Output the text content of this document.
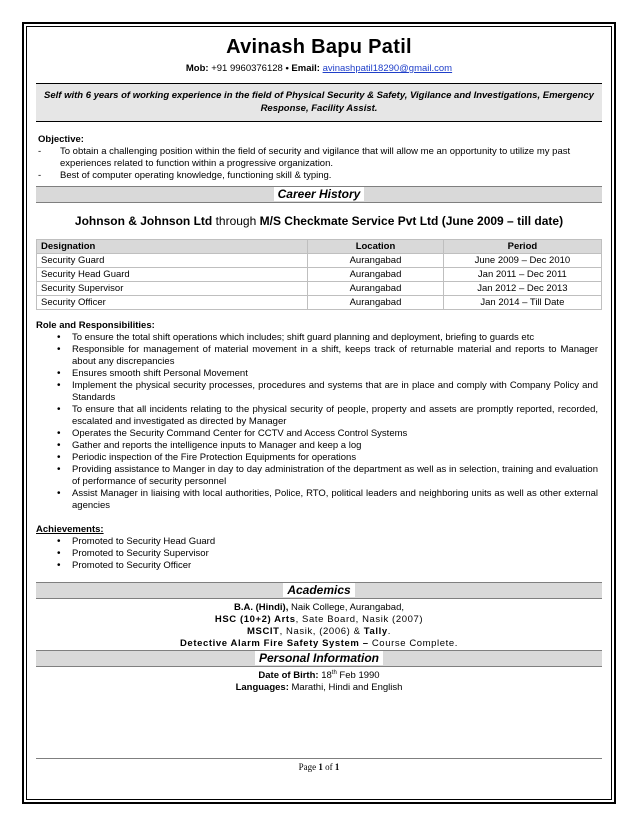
Avinash Bapu Patil
Mob: +91 9960376128 • Email: avinashpatil18290@gmail.com
Self with 6 years of working experience in the field of Physical Security & Safety, Vigilance and Investigations, Emergency Response, Facility Assist.
Objective:
-	To obtain a challenging position within the field of security and vigilance that will allow me an opportunity to utilize my past experiences related to function within a progressive organization.
-	Best of computer operating knowledge, functioning skill & typing.
Career History
Johnson & Johnson Ltd through M/S Checkmate Service Pvt Ltd (June 2009 – till date)
Designation	Location	Period
Security Guard	Aurangabad	June 2009 – Dec 2010
Security Head Guard	Aurangabad	Jan 2011 – Dec 2011
Security Supervisor	Aurangabad	Jan 2012 – Dec 2013
Security Officer	Aurangabad	Jan 2014 – Till Date
Role and Responsibilities:
•	To ensure the total shift operations which includes; shift guard planning and deployment, briefing to guards etc
•	Responsible for management of material movement in a shift, keeps track of returnable material and reports to Manager about any discrepancies
•	Ensures smooth shift Personal Movement
•	Implement the physical security processes, procedures and systems that are in place and comply with Company Policy and Standards
•	To ensure that all incidents relating to the physical security of people, property and assets are promptly reported, recorded, escalated and investigated as directed by Manager
•	Operates the Security Command Center for CCTV and Access Control Systems
•	Gather and reports the intelligence inputs to Manager and keep a log
•	Periodic inspection of the Fire Protection Equipments for operations
•	Providing assistance to Manger in day to day administration of the department as well as in selection, training and evaluation of performance of security personnel
•	Assist Manager in liaising with local authorities, Police, RTO, political leaders and neighboring units as well as other external agencies
Achievements:
•	Promoted to Security Head Guard
•	Promoted to Security Supervisor
•	Promoted to Security Officer
Academics
B.A. (Hindi), Naik College, Aurangabad,
HSC (10+2) Arts, Sate Board, Nasik (2007)
MSCIT, Nasik, (2006) & Tally.
Detective Alarm Fire Safety System – Course Complete.
Personal Information
Date of Birth: 18th Feb 1990
Languages: Marathi, Hindi and English
Page 1 of 1
